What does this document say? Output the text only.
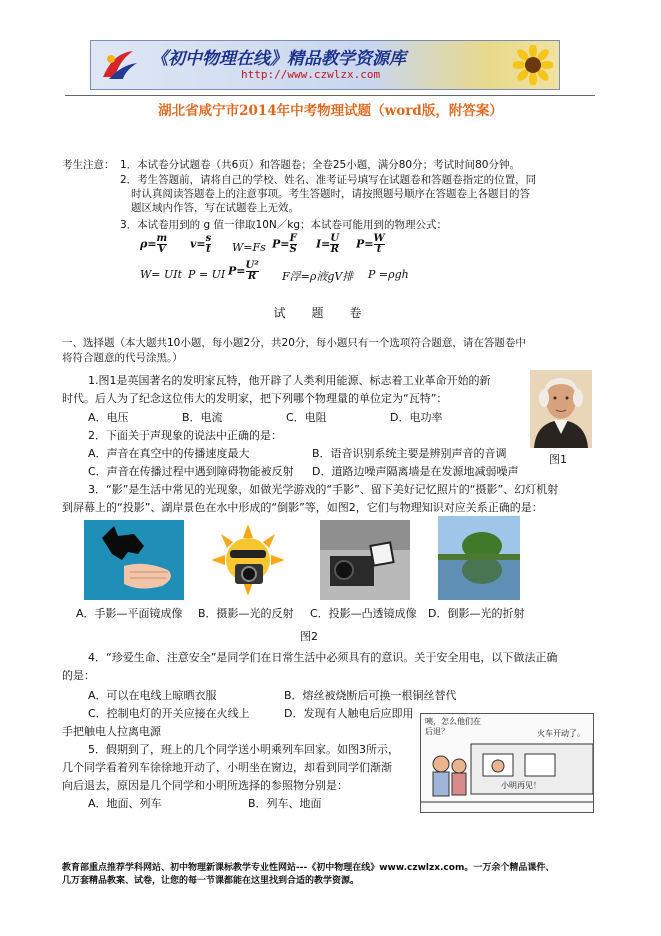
《初中物理在线》精品教学资源库
http://www.czwlzx.com
湖北省咸宁市2014年中考物理试题（word版，附答案）
考生注意： 1．本试卷分试题卷（共6页）和答题卷；全卷25小题，满分80分；考试时间80分钟。
2．考生答题前，请将自己的学校、姓名、准考证号填写在试题卷和答题卷指定的位置，同
时认真阅读答题卷上的注意事项。考生答题时，请按照题号顺序在答题卷上各题目的答
题区域内作答，写在试题卷上无效。
3．本试卷用到的 g 值一律取10N／kg；本试卷可能用到的物理公式：
$\rho= \frac{m}{V} v= \frac{s}{t} W=Fs$ $P= \frac{F}{S} I= \frac{U}{R} P= \frac{W}{t}$
W= UIt P = UI $P= \frac{\text{U²}}{R}$ F浮=ρ液gV排 P =ρgh
试题卷
一、选择题（本大题共10小题，每小题2分，共20分，每小题只有一个选项符合题意，请在答题卷中
将符合题意的代号涂黑。）
1.图1是英国著名的发明家瓦特，他开辟了人类利用能源、标志着工业革命开始的新
时代。后人为了纪念这位伟大的发明家，把下列哪个物理量的单位定为“瓦特”：
A．电压	B．电流	C．电阻	D．电功率
图1
2．下面关于声现象的说法中正确的是：
A．声音在真空中的传播速度最大	B．语音识别系统主要是辨别声音的音调
C．声音在传播过程中遇到障碍物能被反射 D．道路边噪声隔离墙是在发源地减弱噪声
3．“影”是生活中常见的光现象，如做光学游戏的“手影”、留下美好记忆照片的“摄影”、幻灯机射
到屏幕上的“投影”、湖岸景色在水中形成的“倒影”等，如图2，它们与物理知识对应关系正确的是：
A．手影—平面镜成像 B．摄影—光的反射 C．投影—凸透镜成像 D．倒影—光的折射
图2
4．“珍爱生命、注意安全”是同学们在日常生活中必须具有的意识。关于安全用电，以下做法正确
的是：
A．可以在电线上晾晒衣服	B．熔丝被烧断后可换一根铜丝替代
C．控制电灯的开关应接在火线上	D．发现有人触电后应即用
手把触电人拉离电源
5．假期到了，班上的几个同学送小明乘列车回家。如图3所示，
几个同学看着列车徐徐地开动了，小明坐在窗边，却看到同学们渐渐
向后退去，原因是几个同学和小明所选择的参照物分别是：
A．地面、列车	B．列车、地面
咦，怎么他们在后退？	火车开动了。
小明再见！
教育部重点推荐学科网站、初中物理新课标教学专业性网站---《初中物理在线》www.czwlzx.com。一万余个精品课件、
几万套精品教案、试卷，让您的每一节课都能在这里找到合适的教学资源。
